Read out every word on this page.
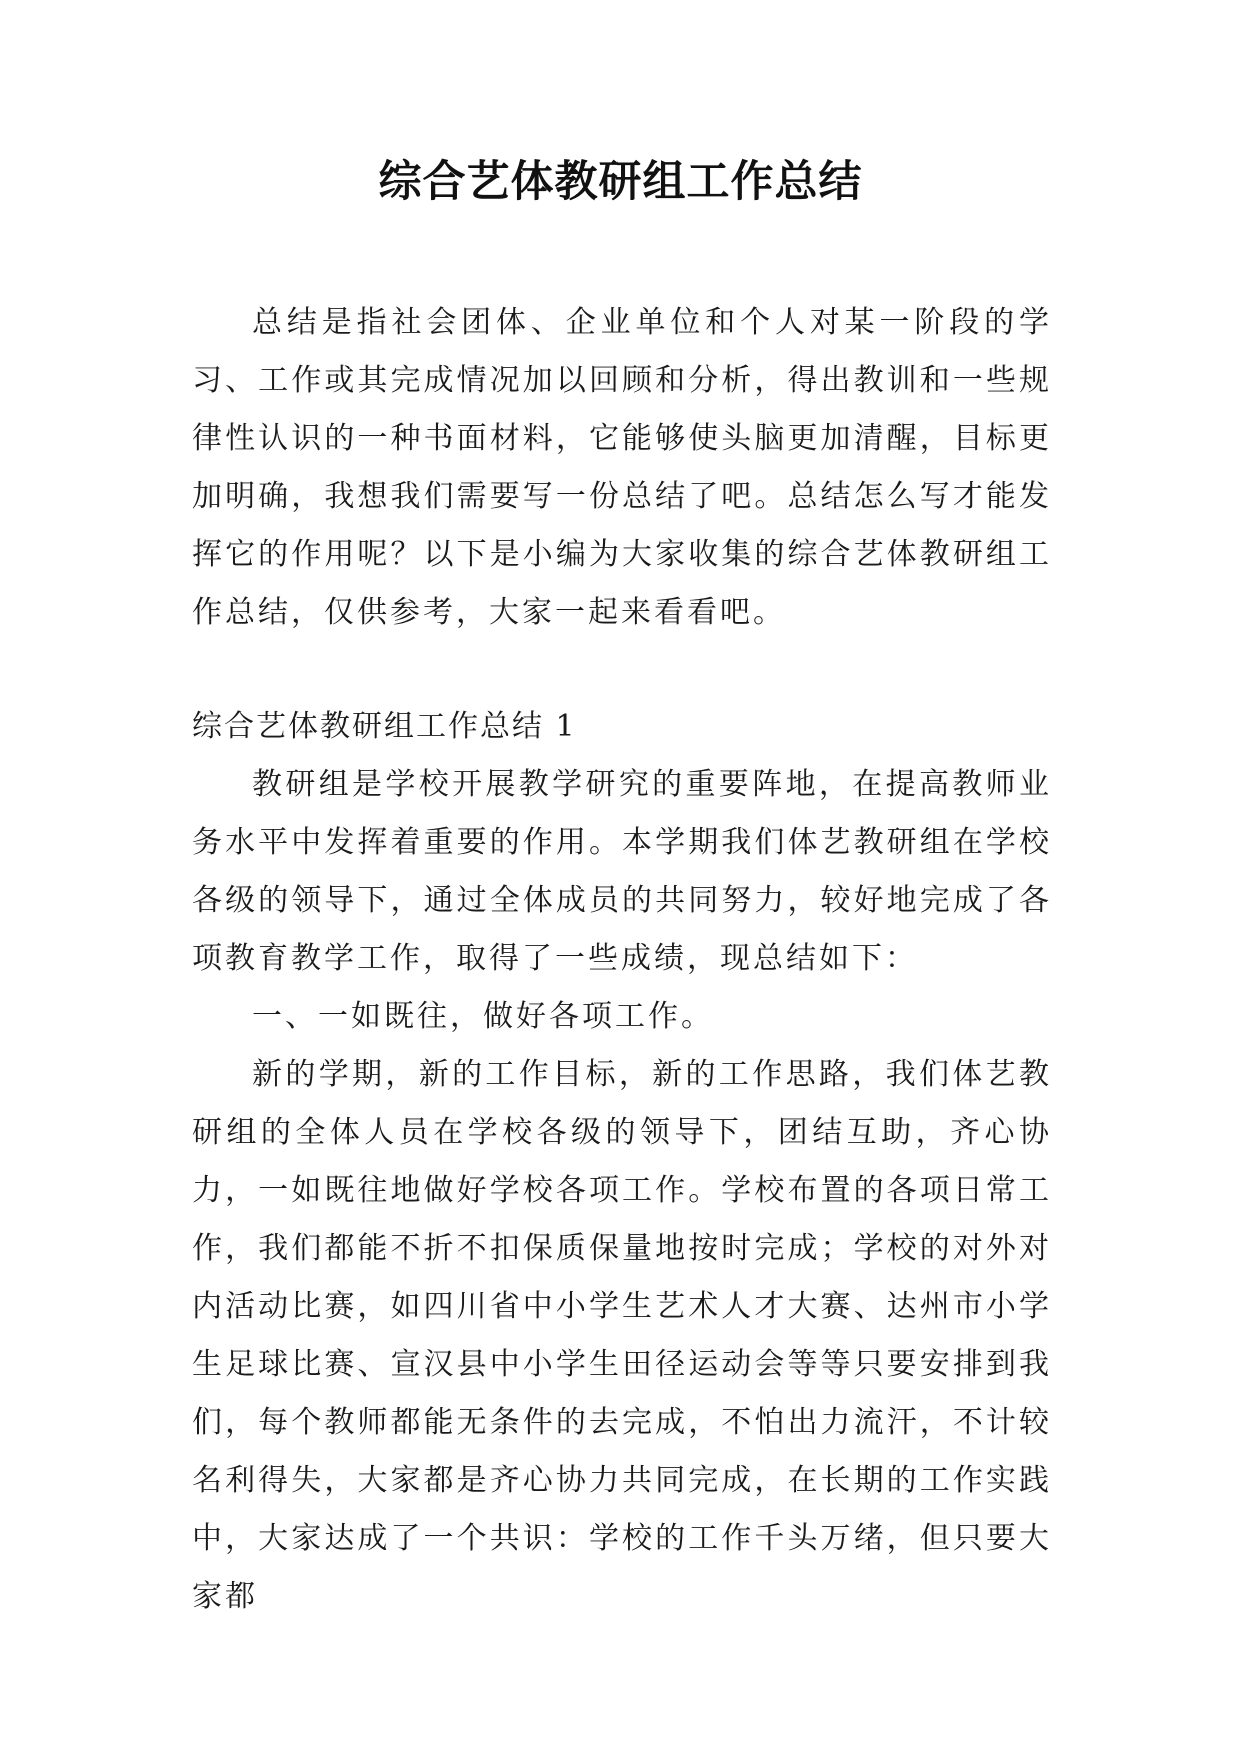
综合艺体教研组工作总结

总结是指社会团体、企业单位和个人对某一阶段的学习、工作或其完成情况加以回顾和分析，得出教训和一些规律性认识的一种书面材料，它能够使头脑更加清醒，目标更加明确，我想我们需要写一份总结了吧。总结怎么写才能发挥它的作用呢？以下是小编为大家收集的综合艺体教研组工作总结，仅供参考，大家一起来看看吧。

综合艺体教研组工作总结 1

教研组是学校开展教学研究的重要阵地，在提高教师业务水平中发挥着重要的作用。本学期我们体艺教研组在学校各级的领导下，通过全体成员的共同努力，较好地完成了各项教育教学工作，取得了一些成绩，现总结如下：

一、一如既往，做好各项工作。

新的学期，新的工作目标，新的工作思路，我们体艺教研组的全体人员在学校各级的领导下，团结互助，齐心协力，一如既往地做好学校各项工作。学校布置的各项日常工作，我们都能不折不扣保质保量地按时完成；学校的对外对内活动比赛，如四川省中小学生艺术人才大赛、达州市小学生足球比赛、宣汉县中小学生田径运动会等等只要安排到我们，每个教师都能无条件的去完成，不怕出力流汗，不计较名利得失，大家都是齐心协力共同完成，在长期的工作实践中，大家达成了一个共识：学校的工作千头万绪，但只要大家都
